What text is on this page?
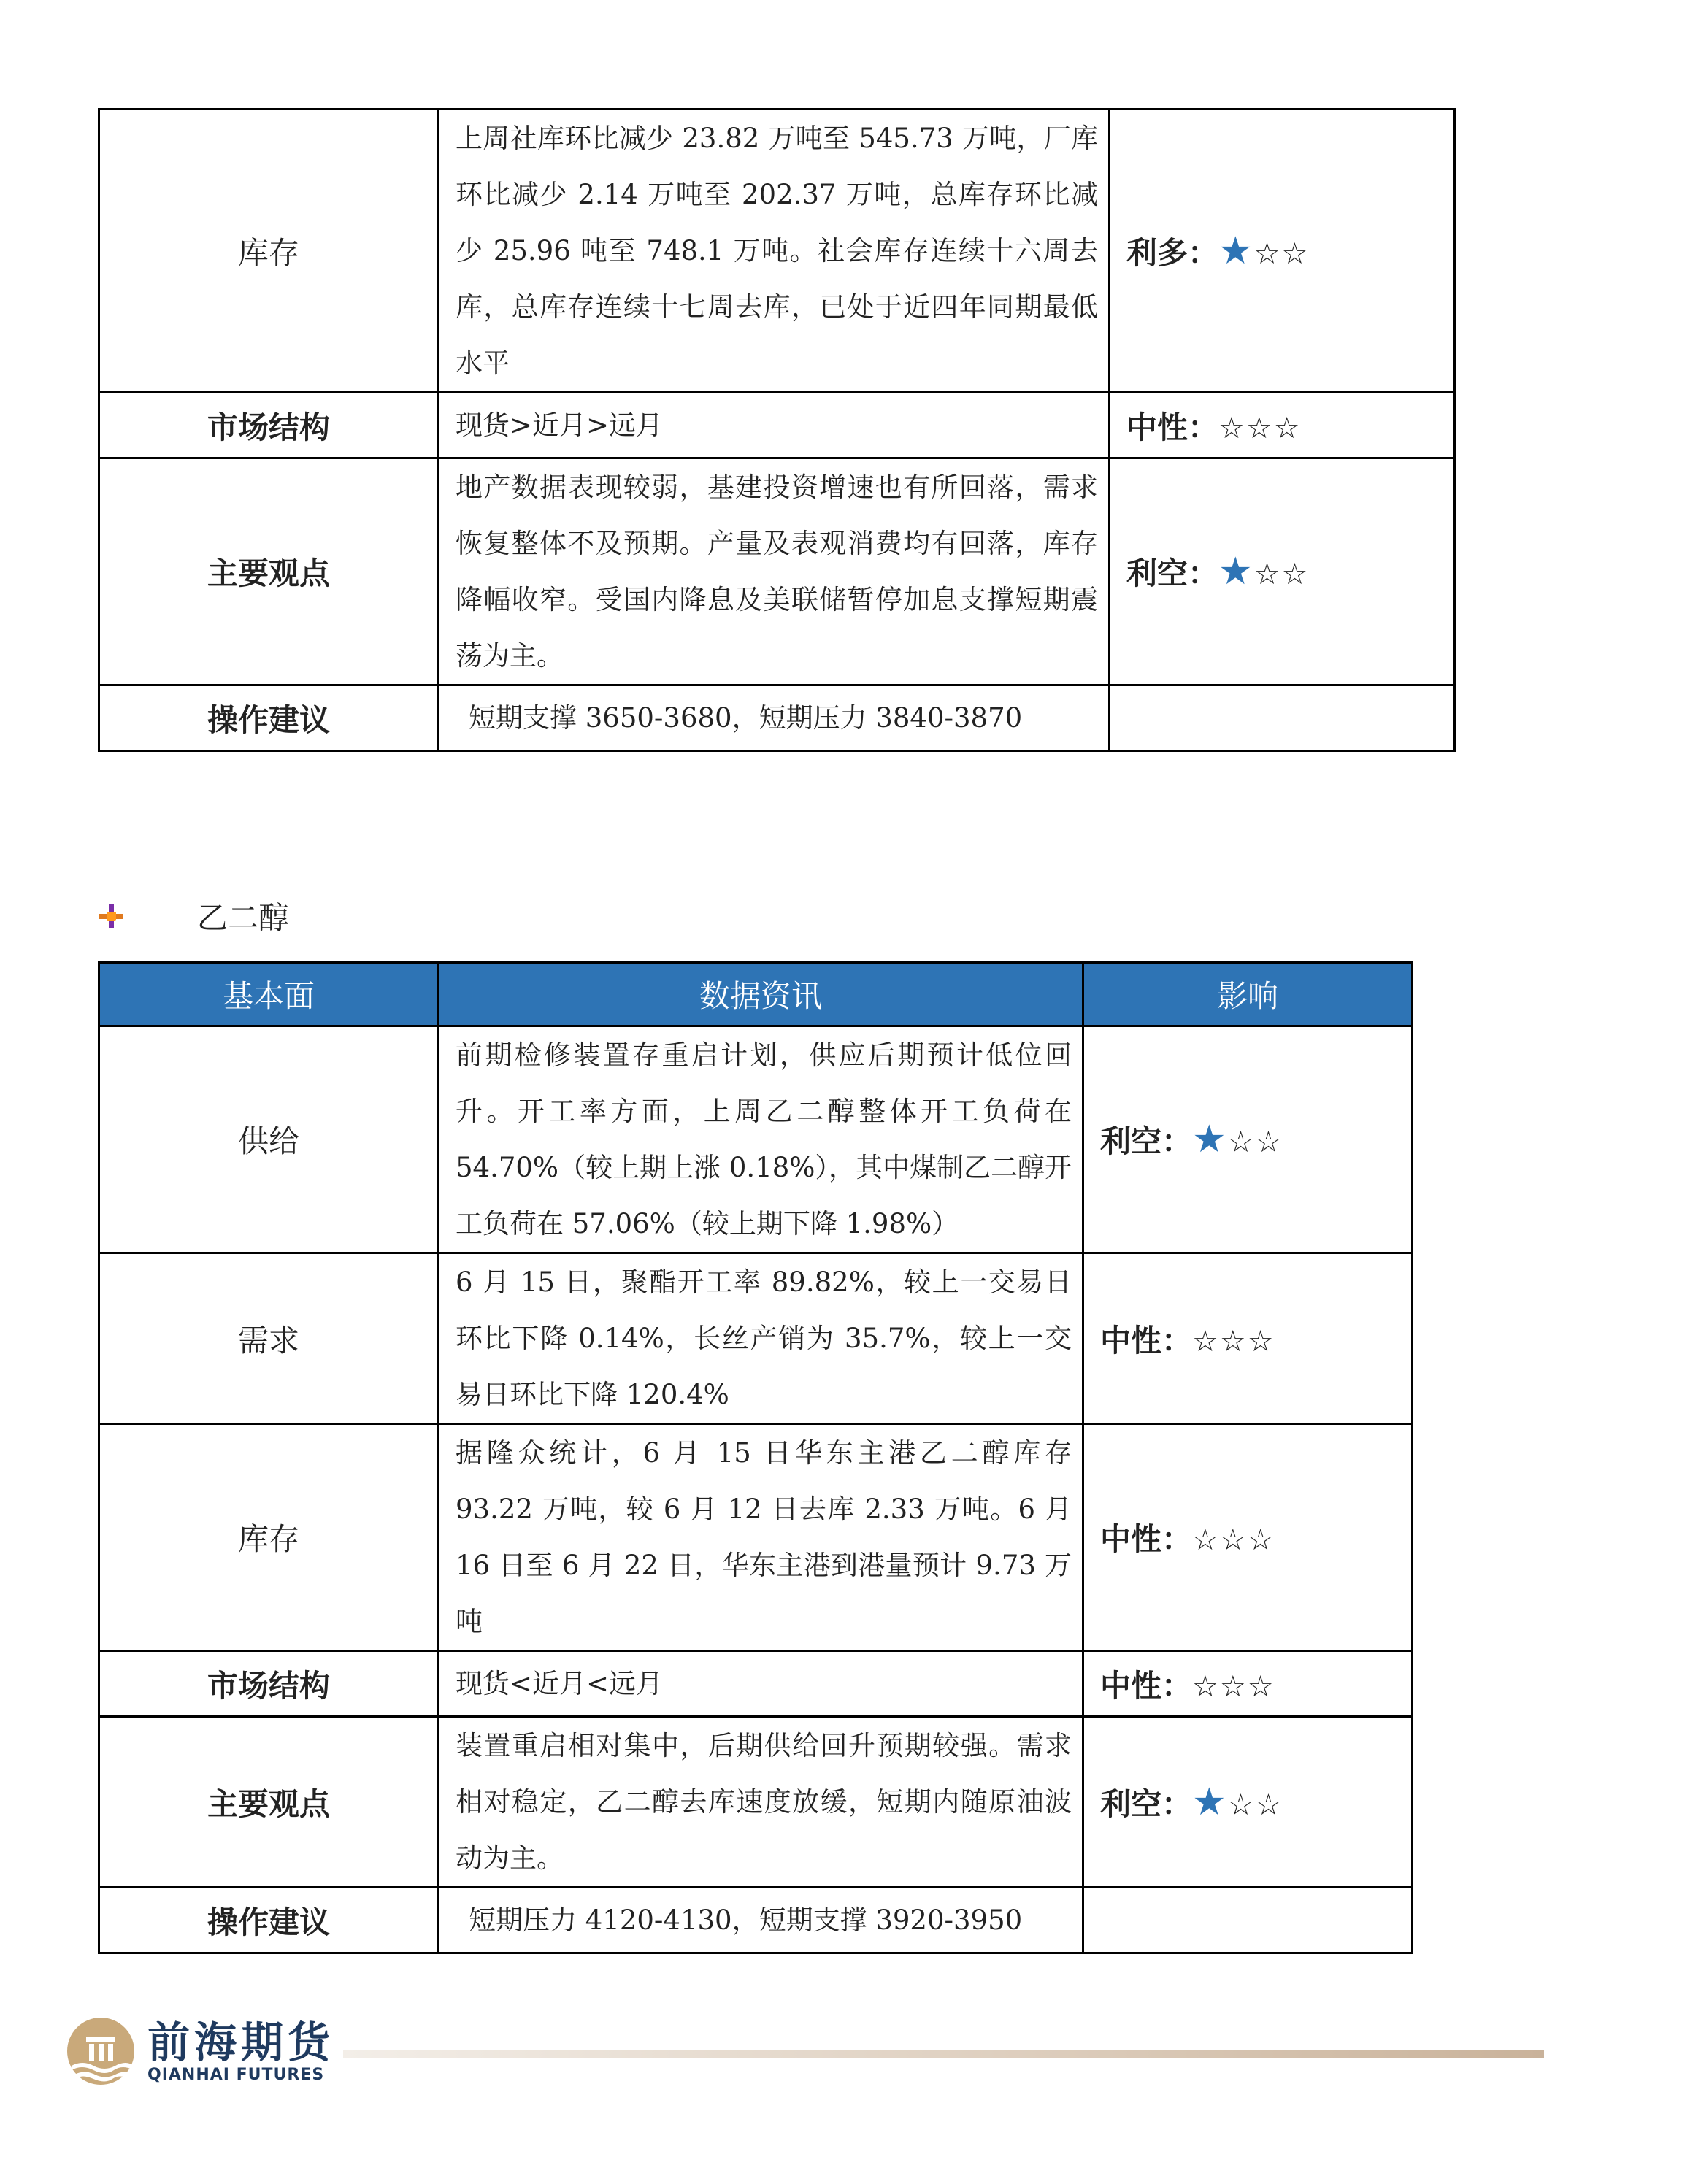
库存	上周社库环比减少 23.82 万吨至 545.73 万吨，厂库环比减少 2.14 万吨至 202.37 万吨，总库存环比减少 25.96 吨至 748.1 万吨。社会库存连续十六周去库，总库存连续十七周去库，已处于近四年同期最低水平	利多：★☆☆
市场结构	现货>近月>远月	中性：☆☆☆
主要观点	地产数据表现较弱，基建投资增速也有所回落，需求恢复整体不及预期。产量及表观消费均有回落，库存降幅收窄。受国内降息及美联储暂停加息支撑短期震荡为主。	利空：★☆☆
操作建议	短期支撑 3650-3680，短期压力 3840-3870	
乙二醇
基本面	数据资讯	影响
供给	前期检修装置存重启计划，供应后期预计低位回升。开工率方面，上周乙二醇整体开工负荷在 54.70%（较上期上涨 0.18%），其中煤制乙二醇开工负荷在 57.06%（较上期下降 1.98%）	利空：★☆☆
需求	6 月 15 日，聚酯开工率 89.82%，较上一交易日环比下降 0.14%，长丝产销为 35.7%，较上一交易日环比下降 120.4%	中性：☆☆☆
库存	据隆众统计，6 月 15 日华东主港乙二醇库存 93.22 万吨，较 6 月 12 日去库 2.33 万吨。6 月 16 日至 6 月 22 日，华东主港到港量预计 9.73 万吨	中性：☆☆☆
市场结构	现货<近月<远月	中性：☆☆☆
主要观点	装置重启相对集中，后期供给回升预期较强。需求相对稳定，乙二醇去库速度放缓，短期内随原油波动为主。	利空：★☆☆
操作建议	短期压力 4120-4130，短期支撑 3920-3950	
前海期货
QIANHAI FUTURES
